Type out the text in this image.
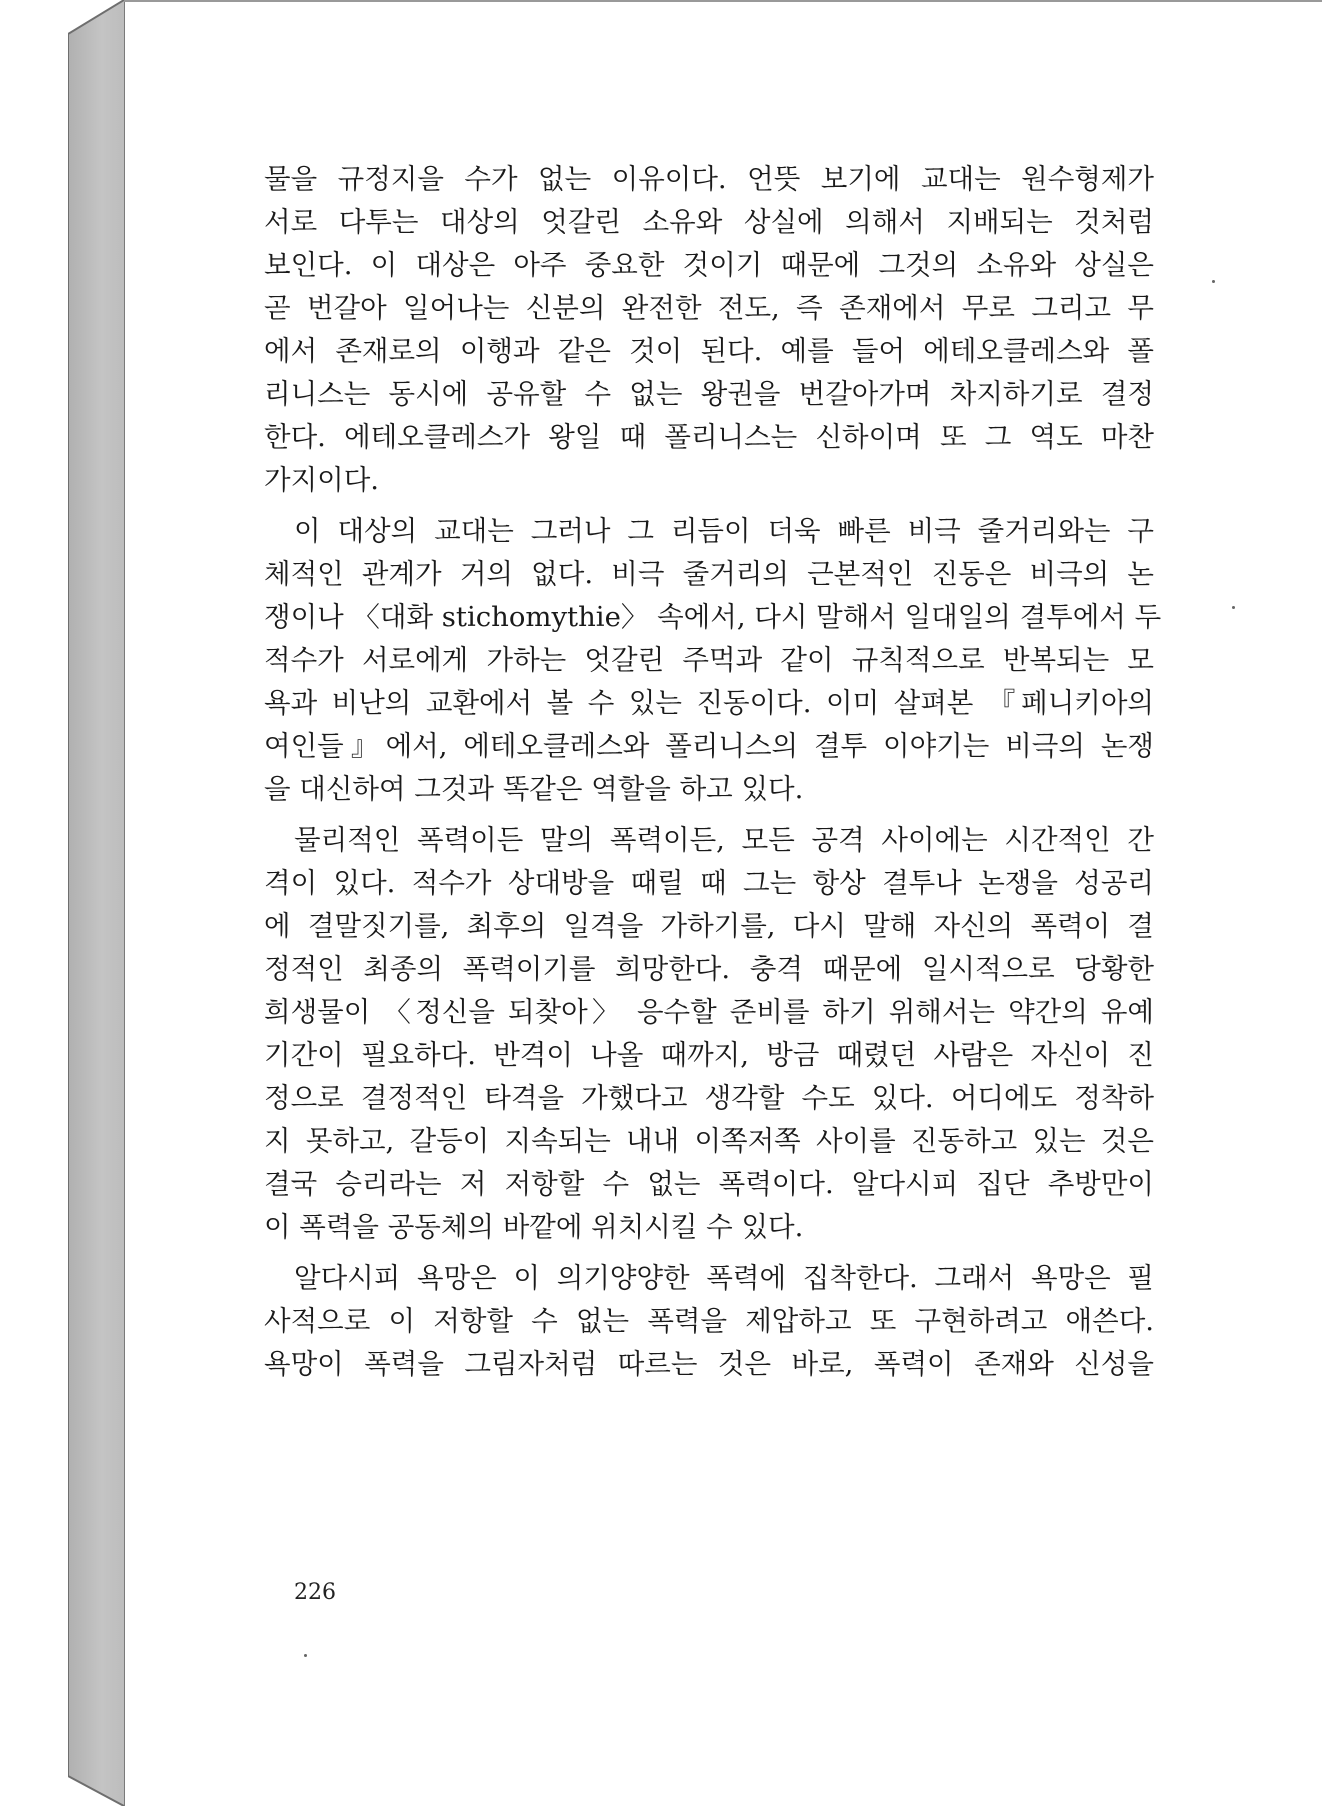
물을 규정지을 수가 없는 이유이다. 언뜻 보기에 교대는 원수형제가
서로 다투는 대상의 엇갈린 소유와 상실에 의해서 지배되는 것처럼
보인다. 이 대상은 아주 중요한 것이기 때문에 그것의 소유와 상실은
곧 번갈아 일어나는 신분의 완전한 전도, 즉 존재에서 무로 그리고 무
에서 존재로의 이행과 같은 것이 된다. 예를 들어 에테오클레스와 폴
리니스는 동시에 공유할 수 없는 왕권을 번갈아가며 차지하기로 결정
한다. 에테오클레스가 왕일 때 폴리니스는 신하이며 또 그 역도 마찬
가지이다.
이 대상의 교대는 그러나 그 리듬이 더욱 빠른 비극 줄거리와는 구
체적인 관계가 거의 없다. 비극 줄거리의 근본적인 진동은 비극의 논
쟁이나 〈대화 stichomythie〉 속에서, 다시 말해서 일대일의 결투에서 두
적수가 서로에게 가하는 엇갈린 주먹과 같이 규칙적으로 반복되는 모
욕과 비난의 교환에서 볼 수 있는 진동이다. 이미 살펴본 『페니키아의
여인들』에서, 에테오클레스와 폴리니스의 결투 이야기는 비극의 논쟁
을 대신하여 그것과 똑같은 역할을 하고 있다.
물리적인 폭력이든 말의 폭력이든, 모든 공격 사이에는 시간적인 간
격이 있다. 적수가 상대방을 때릴 때 그는 항상 결투나 논쟁을 성공리
에 결말짓기를, 최후의 일격을 가하기를, 다시 말해 자신의 폭력이 결
정적인 최종의 폭력이기를 희망한다. 충격 때문에 일시적으로 당황한
희생물이 〈정신을 되찾아〉 응수할 준비를 하기 위해서는 약간의 유예
기간이 필요하다. 반격이 나올 때까지, 방금 때렸던 사람은 자신이 진
정으로 결정적인 타격을 가했다고 생각할 수도 있다. 어디에도 정착하
지 못하고, 갈등이 지속되는 내내 이쪽저쪽 사이를 진동하고 있는 것은
결국 승리라는 저 저항할 수 없는 폭력이다. 알다시피 집단 추방만이
이 폭력을 공동체의 바깥에 위치시킬 수 있다.
알다시피 욕망은 이 의기양양한 폭력에 집착한다. 그래서 욕망은 필
사적으로 이 저항할 수 없는 폭력을 제압하고 또 구현하려고 애쓴다.
욕망이 폭력을 그림자처럼 따르는 것은 바로, 폭력이 존재와 신성을
226
